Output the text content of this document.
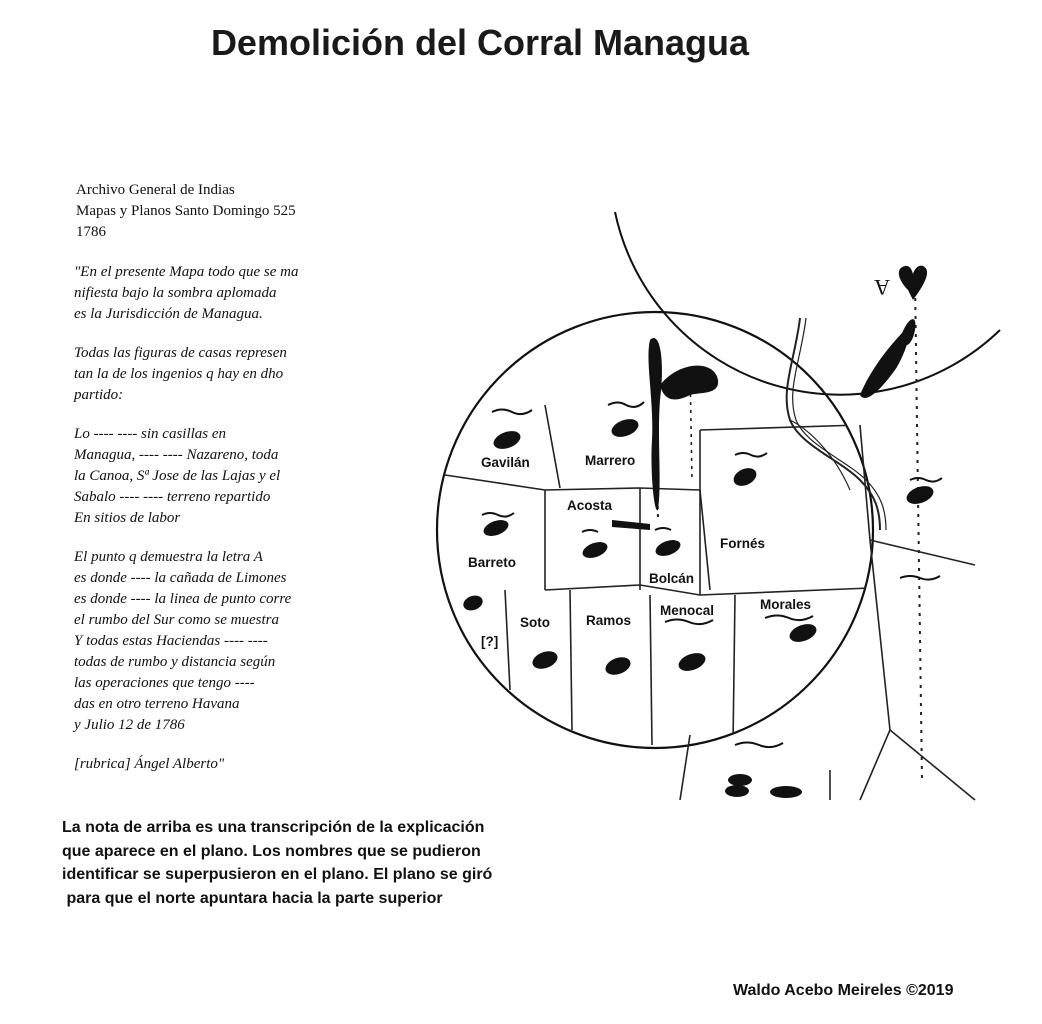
Demolición del Corral Managua
Archivo General de Indias
Mapas y Planos Santo Domingo 525
1786
"En el presente Mapa todo que se ma
nifiesta bajo la sombra aplomada
es la Jurisdicción de Managua.
Todas las figuras de casas represen
tan la de los ingenios q hay en dho
partido:
Lo ---- ---- sin casillas en
Managua, ---- ---- Nazareno, toda
la Canoa, Sª Jose de las Lajas y el
Sabalo ---- ---- terreno repartido
En sitios de labor
El punto q demuestra la letra A
es donde ---- la cañada de Limones
es donde ---- la linea de punto corre
el rumbo del Sur como se muestra
Y todas estas Haciendas ---- ----
todas de rumbo y distancia según
las operaciones que tengo ----
das en otro terreno Havana
y Julio 12 de 1786
[rubrica] Ángel Alberto"
A
Gavilán	Marrero
Acosta
Fornés
Barreto
Bolcán
Soto	Ramos
Menocal	Morales
[?]
La nota de arriba es una transcripción de la explicación
que aparece en el plano. Los nombres que se pudieron
identificar se superpusieron en el plano. El plano se giró
para que el norte apuntara hacia la parte superior
Waldo Acebo Meireles ©2019
